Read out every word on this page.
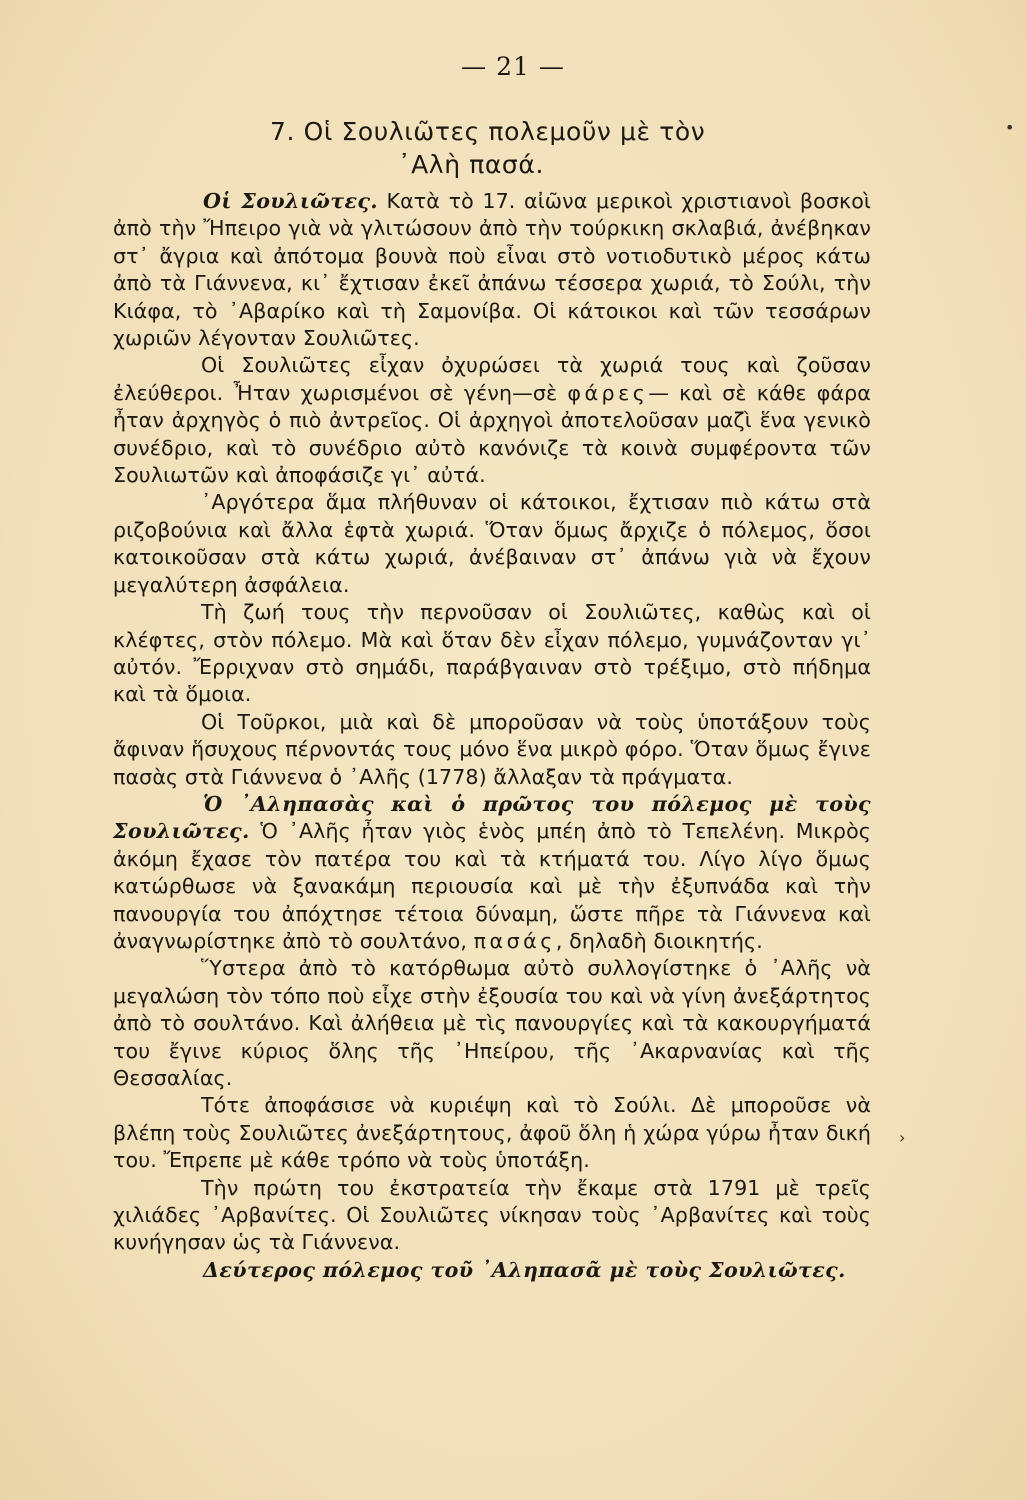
— 21 —
7. Οἱ Σουλιῶτες πολεμοῦν μὲ τὸν
᾿Αλὴ πασά.
•
›

Οἱ Σουλιῶτες. Κατὰ τὸ 17. αἰῶνα μερικοὶ χριστιανοὶ βοσκοὶ ἀπὸ τὴν Ἤπειρο γιὰ νὰ γλιτώσουν ἀπὸ τὴν τούρκικη σκλαβιά, ἀνέβηκαν στ᾿ ἄγρια καὶ ἀπότομα βουνὰ ποὺ εἶναι στὸ νοτιοδυτικὸ μέρος κάτω ἀπὸ τὰ Γιάννενα, κι᾿ ἔχτισαν ἐκεῖ ἀπάνω τέσσερα χωριά, τὸ Σούλι, τὴν Κιάφα, τὸ ᾿Αβαρίκο καὶ τὴ Σαμονίβα. Οἱ κάτοικοι καὶ τῶν τεσσάρων χωριῶν λέγονταν Σουλιῶτες.

Οἱ Σουλιῶτες εἶχαν ὀχυρώσει τὰ χωριά τους καὶ ζοῦσαν ἐλεύθεροι. Ἦταν χωρισμένοι σὲ γένη—σὲ φάρες— καὶ σὲ κάθε φάρα ἦταν ἀρχηγὸς ὁ πιὸ ἀντρεῖος. Οἱ ἀρχηγοὶ ἀποτελοῦσαν μαζὶ ἕνα γενικὸ συνέδριο, καὶ τὸ συνέδριο αὐτὸ κανόνιζε τὰ κοινὰ συμφέροντα τῶν Σουλιωτῶν καὶ ἀποφάσιζε γι᾿ αὐτά.

᾿Αργότερα ἅμα πλήθυναν οἱ κάτοικοι, ἔχτισαν πιὸ κάτω στὰ ριζοβούνια καὶ ἄλλα ἑφτὰ χωριά. Ὅταν ὅμως ἄρχιζε ὁ πόλεμος, ὅσοι κατοικοῦσαν στὰ κάτω χωριά, ἀνέβαιναν στ᾿ ἀπάνω γιὰ νὰ ἔχουν μεγαλύτερη ἀσφάλεια.

Τὴ ζωή τους τὴν περνοῦσαν οἱ Σουλιῶτες, καθὼς καὶ οἱ κλέφτες, στὸν πόλεμο. Μὰ καὶ ὅταν δὲν εἶχαν πόλεμο, γυμνάζονταν γι᾿ αὐτόν. Ἔρριχναν στὸ σημάδι, παράβγαιναν στὸ τρέξιμο, στὸ πήδημα καὶ τὰ ὅμοια.

Οἱ Τοῦρκοι, μιὰ καὶ δὲ μποροῦσαν νὰ τοὺς ὑποτάξουν τοὺς ἄφιναν ἥσυχους πέρνοντάς τους μόνο ἕνα μικρὸ φόρο. Ὅταν ὅμως ἔγινε πασὰς στὰ Γιάννενα ὁ ᾿Αλῆς (1778) ἄλλαξαν τὰ πράγματα.

Ὁ ᾿Αληπασὰς καὶ ὁ πρῶτος του πόλεμος μὲ τοὺς Σουλιῶτες. Ὁ ᾿Αλῆς ἦταν γιὸς ἑνὸς μπέη ἀπὸ τὸ Τεπελένη. Μικρὸς ἀκόμη ἔχασε τὸν πατέρα του καὶ τὰ κτήματά του. Λίγο λίγο ὅμως κατώρθωσε νὰ ξανακάμη περιουσία καὶ μὲ τὴν ἐξυπνάδα καὶ τὴν πανουργία του ἀπόχτησε τέτοια δύναμη, ὥστε πῆρε τὰ Γιάννενα καὶ ἀναγνωρίστηκε ἀπὸ τὸ σουλτάνο, πασάς, δηλαδὴ διοικητής.

Ὕστερα ἀπὸ τὸ κατόρθωμα αὐτὸ συλλογίστηκε ὁ ᾿Αλῆς νὰ μεγαλώση τὸν τόπο ποὺ εἶχε στὴν ἐξουσία του καὶ νὰ γίνη ἀνεξάρτητος ἀπὸ τὸ σουλτάνο. Καὶ ἀλήθεια μὲ τὶς πανουργίες καὶ τὰ κακουργήματά του ἔγινε κύριος ὅλης τῆς ᾿Ηπείρου, τῆς ᾿Ακαρνανίας καὶ τῆς Θεσσαλίας.

Τότε ἀποφάσισε νὰ κυριέψη καὶ τὸ Σούλι. Δὲ μποροῦσε νὰ βλέπη τοὺς Σουλιῶτες ἀνεξάρτητους, ἀφοῦ ὅλη ἡ χώρα γύρω ἦταν δική του. Ἔπρεπε μὲ κάθε τρόπο νὰ τοὺς ὑποτάξη.

Τὴν πρώτη του ἐκστρατεία τὴν ἔκαμε στὰ 1791 μὲ τρεῖς χιλιάδες ᾿Αρβανίτες. Οἱ Σουλιῶτες νίκησαν τοὺς ᾿Αρβανίτες καὶ τοὺς κυνήγησαν ὡς τὰ Γιάννενα.

Δεύτερος πόλεμος τοῦ ᾿Αληπασᾶ μὲ τοὺς Σουλιῶτες.
